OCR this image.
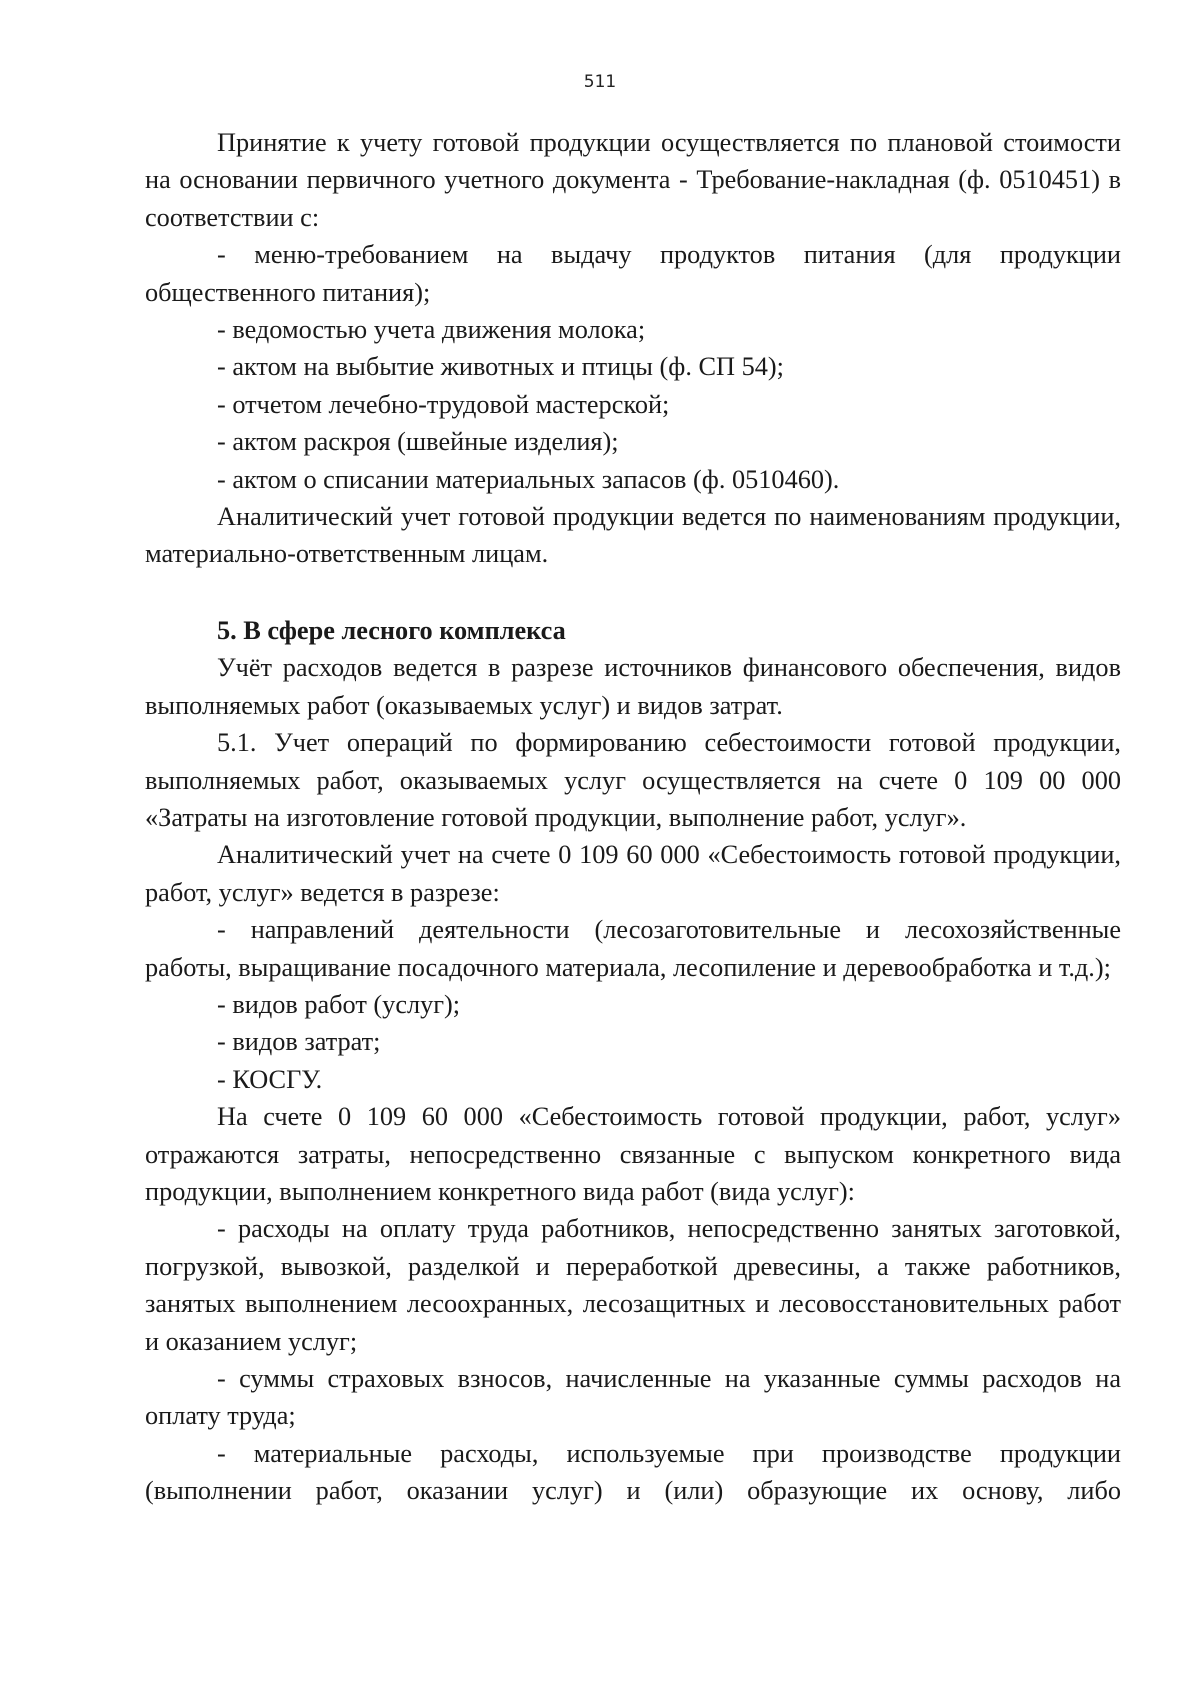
511

Принятие к учету готовой продукции осуществляется по плановой стоимости на основании первичного учетного документа - Требование-накладная (ф. 0510451) в соответствии с:

- меню-требованием на выдачу продуктов питания (для продукции общественного питания);

- ведомостью учета движения молока;

- актом на выбытие животных и птицы (ф. СП 54);

- отчетом лечебно-трудовой мастерской;

- актом раскроя (швейные изделия);

- актом о списании материальных запасов (ф. 0510460).

Аналитический учет готовой продукции ведется по наименованиям продукции, материально-ответственным лицам.

5. В сфере лесного комплекса

Учёт расходов ведется в разрезе источников финансового обеспечения, видов выполняемых работ (оказываемых услуг) и видов затрат.

5.1. Учет операций по формированию себестоимости готовой продукции, выполняемых работ, оказываемых услуг осуществляется на счете 0 109 00 000 «Затраты на изготовление готовой продукции, выполнение работ, услуг».

Аналитический учет на счете 0 109 60 000 «Себестоимость готовой продукции, работ, услуг» ведется в разрезе:

- направлений деятельности (лесозаготовительные и лесохозяйственные работы, выращивание посадочного материала, лесопиление и деревообработка и т.д.);

- видов работ (услуг);

- видов затрат;

- КОСГУ.

На счете 0 109 60 000 «Себестоимость готовой продукции, работ, услуг» отражаются затраты, непосредственно связанные с выпуском конкретного вида продукции, выполнением конкретного вида работ (вида услуг):

- расходы на оплату труда работников, непосредственно занятых заготовкой, погрузкой, вывозкой, разделкой и переработкой древесины, а также работников, занятых выполнением лесоохранных, лесозащитных и лесовосстановительных работ и оказанием услуг;

- суммы страховых взносов, начисленные на указанные суммы расходов на оплату труда;

- материальные расходы, используемые при производстве продукции (выполнении работ, оказании услуг) и (или) образующие их основу, либо
